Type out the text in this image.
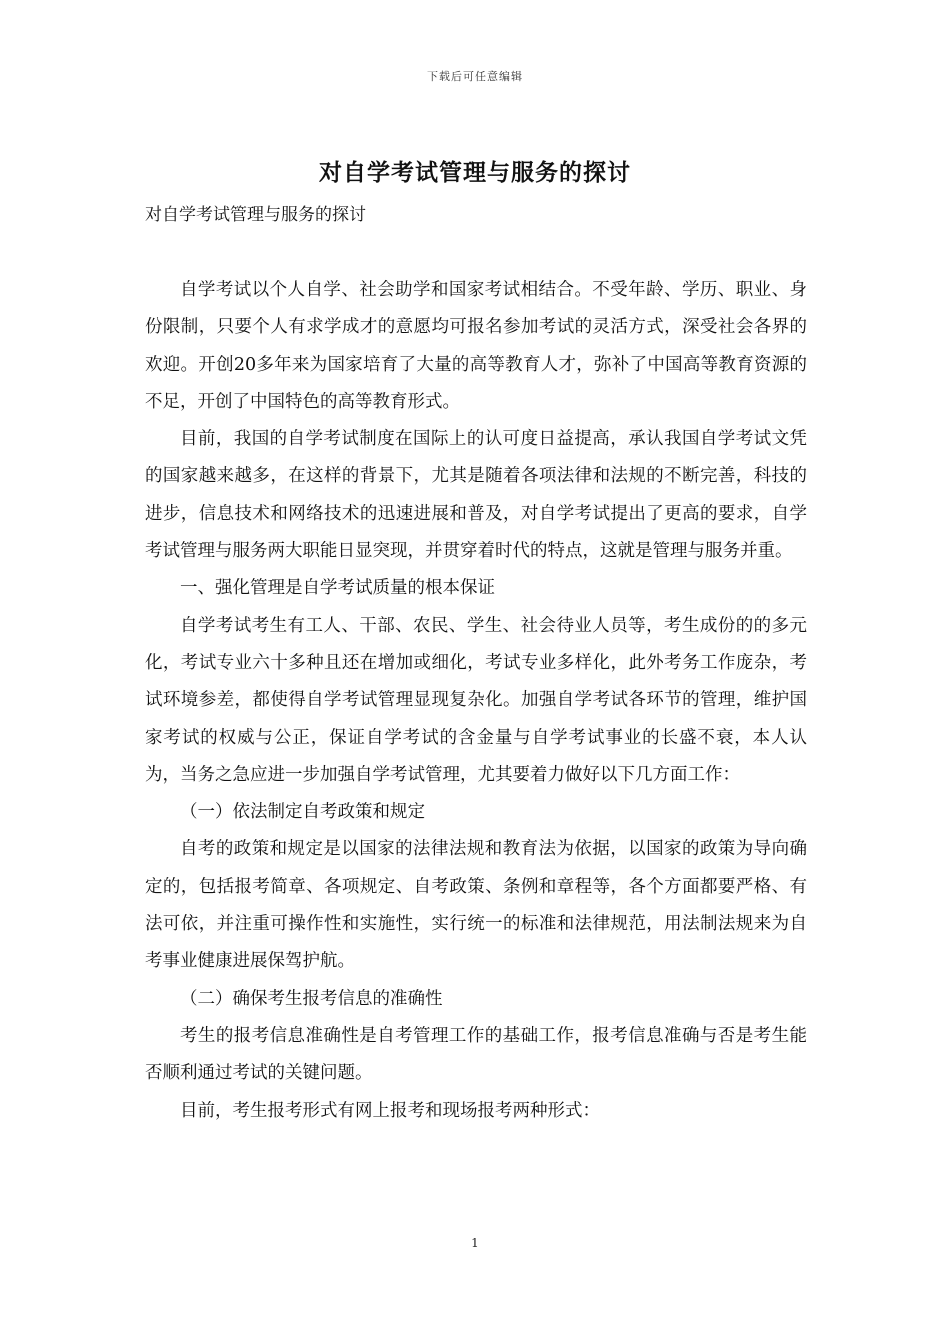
下载后可任意编辑
对自学考试管理与服务的探讨
对自学考试管理与服务的探讨

自学考试以个人自学、社会助学和国家考试相结合。不受年龄、学历、职业、身份限制，只要个人有求学成才的意愿均可报名参加考试的灵活方式，深受社会各界的欢迎。开创20多年来为国家培育了大量的高等教育人才，弥补了中国高等教育资源的不足，开创了中国特色的高等教育形式。

目前，我国的自学考试制度在国际上的认可度日益提高，承认我国自学考试文凭的国家越来越多，在这样的背景下，尤其是随着各项法律和法规的不断完善，科技的进步，信息技术和网络技术的迅速进展和普及，对自学考试提出了更高的要求，自学考试管理与服务两大职能日显突现，并贯穿着时代的特点，这就是管理与服务并重。

一、强化管理是自学考试质量的根本保证

自学考试考生有工人、干部、农民、学生、社会待业人员等，考生成份的的多元化，考试专业六十多种且还在增加或细化，考试专业多样化，此外考务工作庞杂，考试环境参差，都使得自学考试管理显现复杂化。加强自学考试各环节的管理，维护国家考试的权威与公正，保证自学考试的含金量与自学考试事业的长盛不衰，本人认为，当务之急应进一步加强自学考试管理，尤其要着力做好以下几方面工作：

（一）依法制定自考政策和规定

自考的政策和规定是以国家的法律法规和教育法为依据，以国家的政策为导向确定的，包括报考简章、各项规定、自考政策、条例和章程等，各个方面都要严格、有法可依，并注重可操作性和实施性，实行统一的标准和法律规范，用法制法规来为自考事业健康进展保驾护航。

（二）确保考生报考信息的准确性

考生的报考信息准确性是自考管理工作的基础工作，报考信息准确与否是考生能否顺利通过考试的关键问题。

目前，考生报考形式有网上报考和现场报考两种形式：

1
